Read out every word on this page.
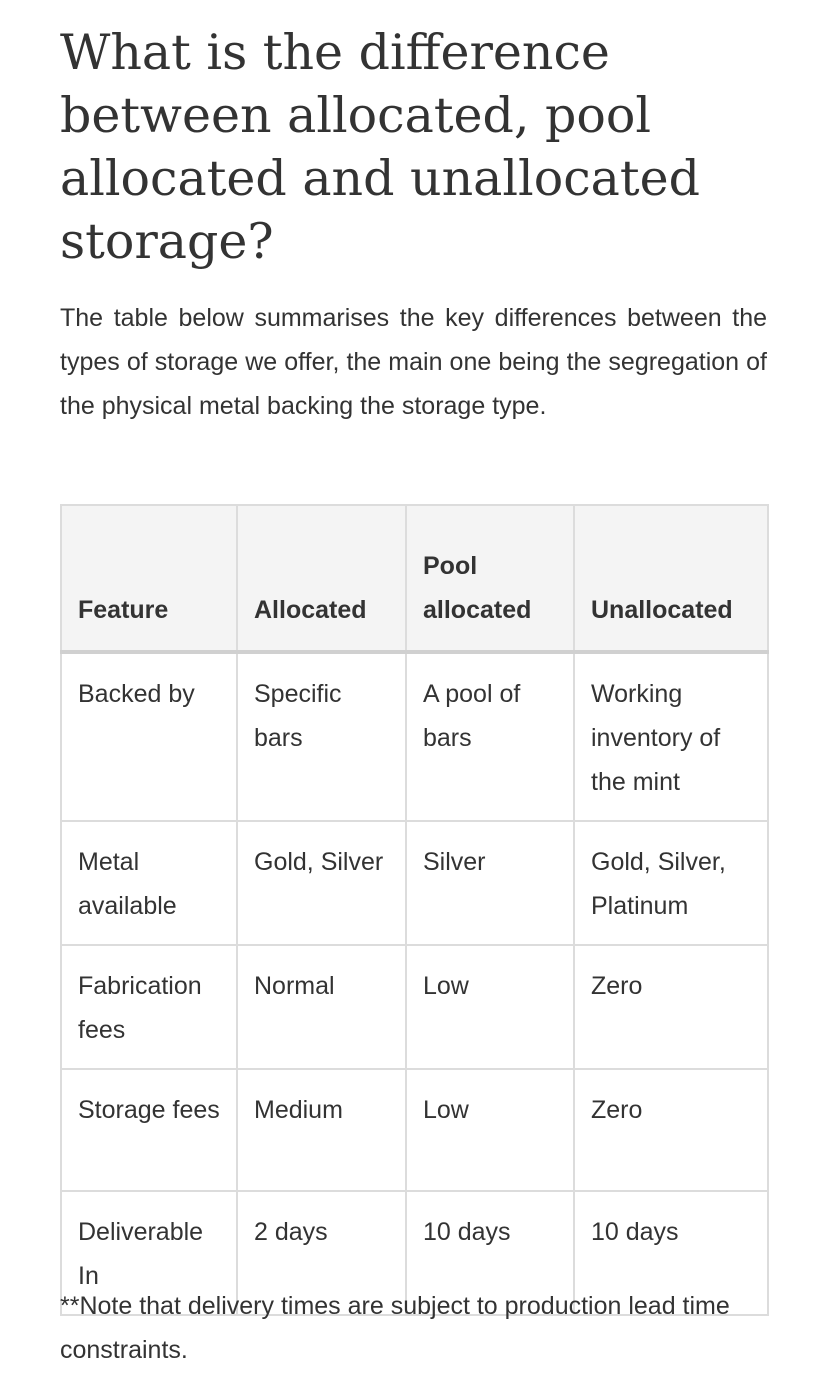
What is the difference between allocated, pool allocated and unallocated storage?

The table below summarises the key differences between the types of storage we offer, the main one being the segregation of the physical metal backing the storage type.

Feature	Allocated	Pool allocated	Unallocated
Backed by	Specific bars	A pool of bars	Working inventory of the mint
Metal available	Gold, Silver	Silver	Gold, Silver, Platinum
Fabrication fees	Normal	Low	Zero
Storage fees	Medium	Low	Zero
Deliverable In	2 days	10 days	10 days

**Note that delivery times are subject to production lead time constraints.
